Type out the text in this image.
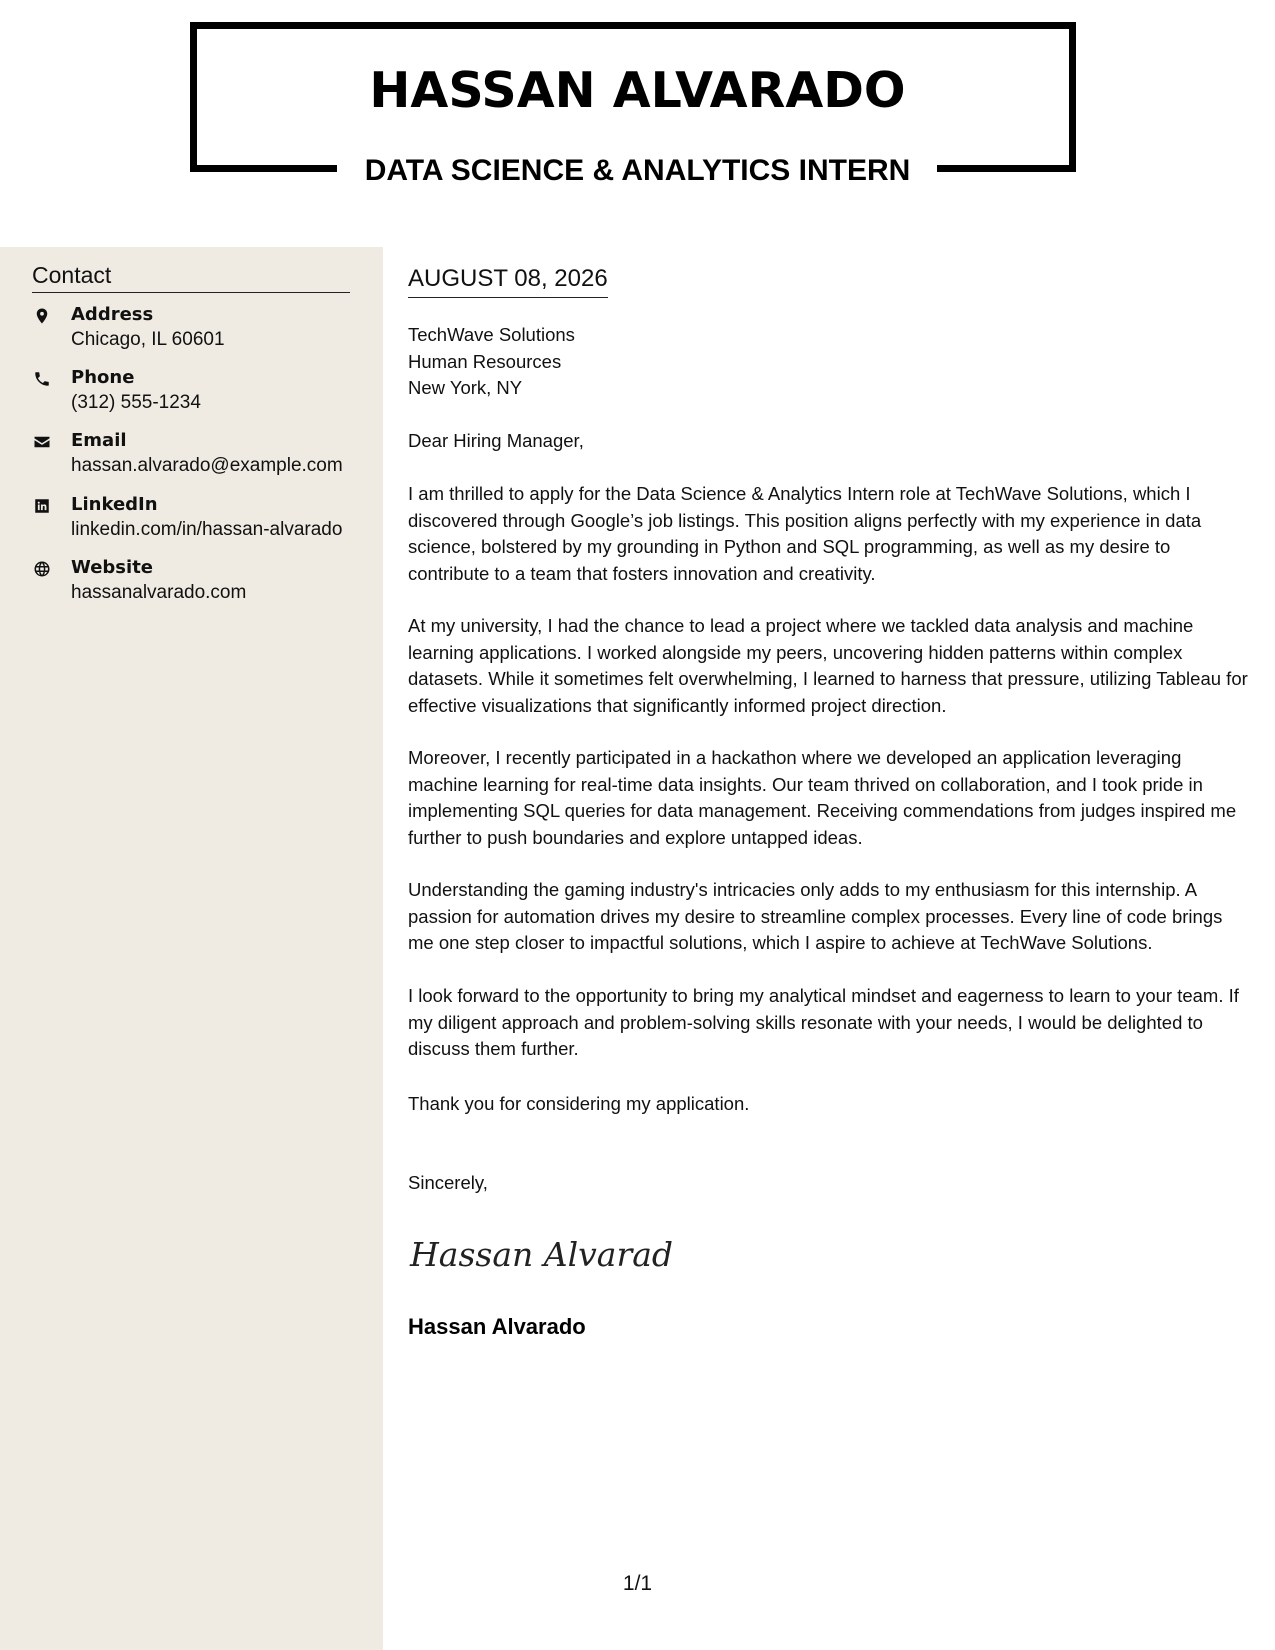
HASSAN ALVARADO
DATA SCIENCE & ANALYTICS INTERN
Contact
Address
Chicago, IL 60601
Phone
(312) 555-1234
Email
hassan.alvarado@example.com
LinkedIn
linkedin.com/in/hassan-alvarado
Website
hassanalvarado.com
AUGUST 08, 2026
TechWave Solutions
Human Resources
New York, NY

Dear Hiring Manager,

I am thrilled to apply for the Data Science & Analytics Intern role at TechWave Solutions, which I discovered through Google’s job listings. This position aligns perfectly with my experience in data science, bolstered by my grounding in Python and SQL programming, as well as my desire to contribute to a team that fosters innovation and creativity.

At my university, I had the chance to lead a project where we tackled data analysis and machine learning applications. I worked alongside my peers, uncovering hidden patterns within complex datasets. While it sometimes felt overwhelming, I learned to harness that pressure, utilizing Tableau for effective visualizations that significantly informed project direction.

Moreover, I recently participated in a hackathon where we developed an application leveraging machine learning for real-time data insights. Our team thrived on collaboration, and I took pride in implementing SQL queries for data management. Receiving commendations from judges inspired me further to push boundaries and explore untapped ideas.

Understanding the gaming industry's intricacies only adds to my enthusiasm for this internship. A passion for automation drives my desire to streamline complex processes. Every line of code brings me one step closer to impactful solutions, which I aspire to achieve at TechWave Solutions.

I look forward to the opportunity to bring my analytical mindset and eagerness to learn to your team. If my diligent approach and problem-solving skills resonate with your needs, I would be delighted to discuss them further.

Thank you for considering my application.

Sincerely,

Hassan Alvarad
Hassan Alvarado
1/1
